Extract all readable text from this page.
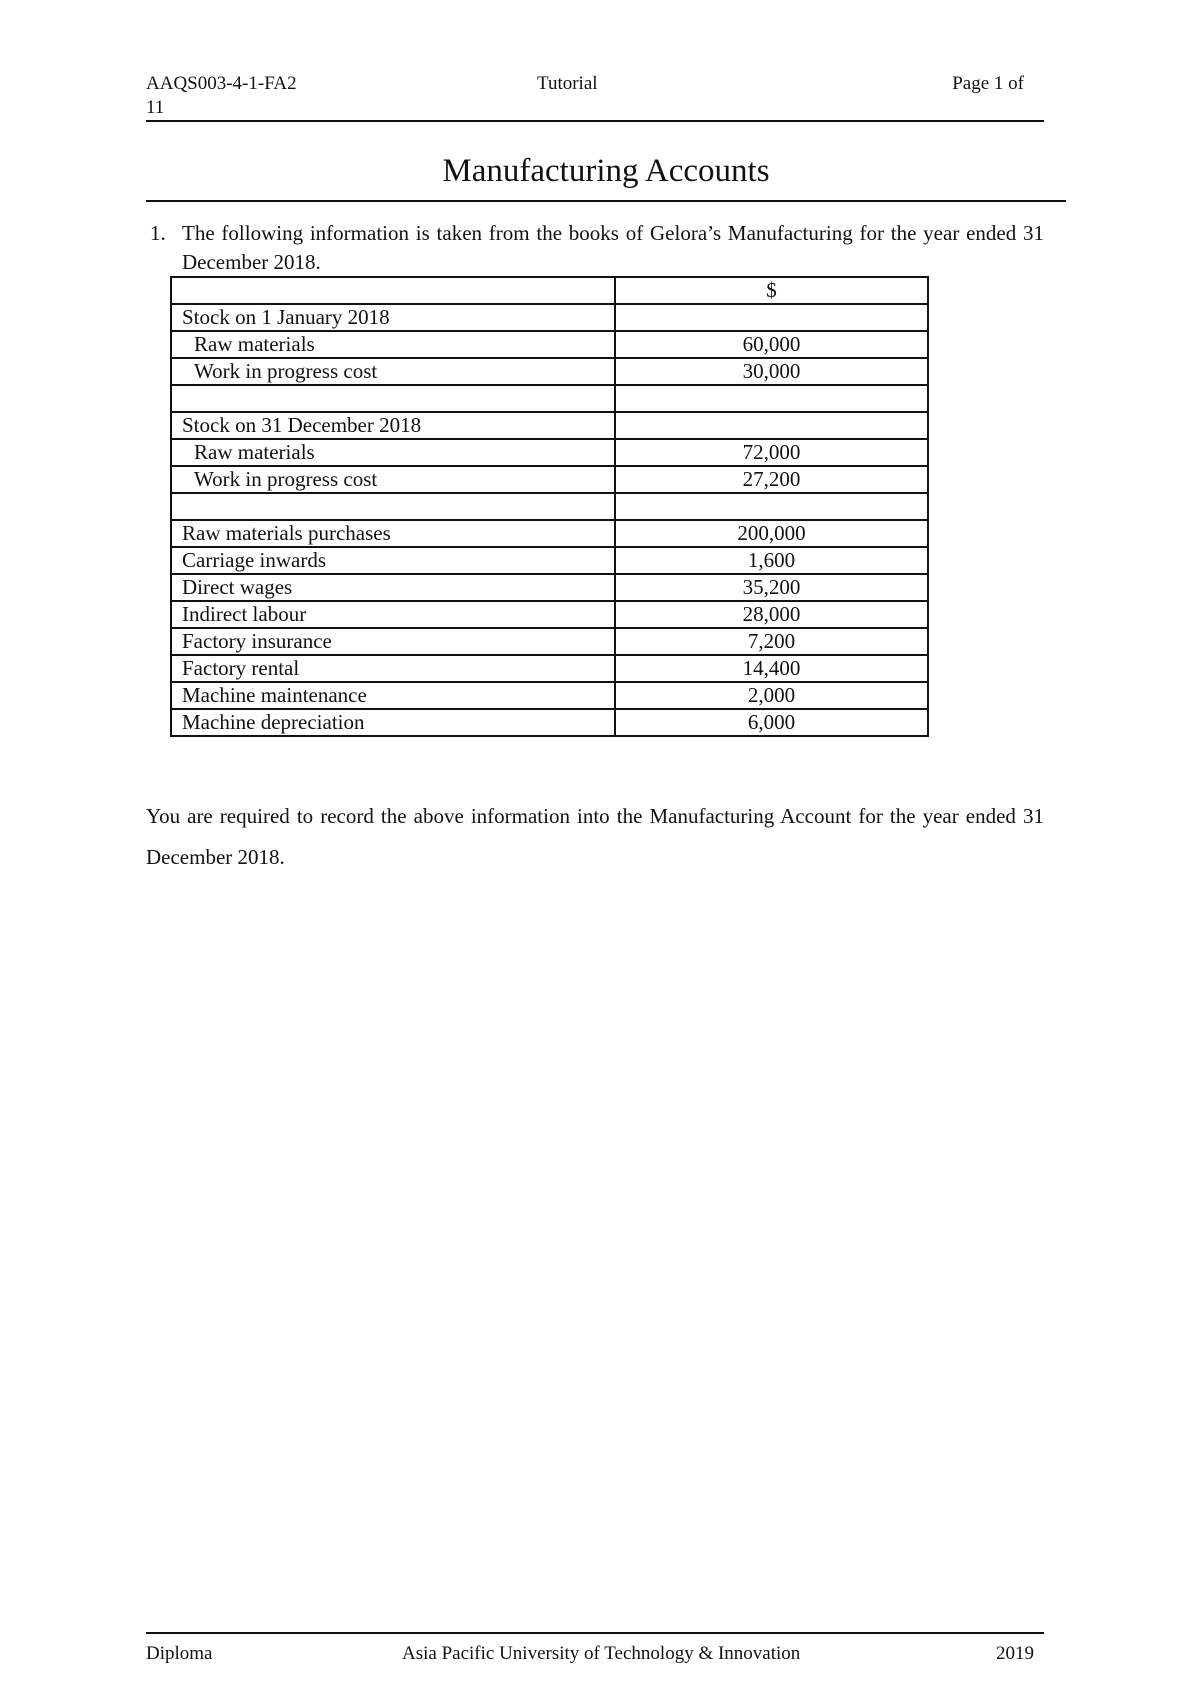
AAQS003-4-1-FA2	Tutorial	Page 1 of
11
Manufacturing Accounts
1. The following information is taken from the books of Gelora’s Manufacturing for the year ended 31 December 2018.
	$
Stock on 1 January 2018	
Raw materials	60,000
Work in progress cost	30,000

Stock on 31 December 2018	
Raw materials	72,000
Work in progress cost	27,200

Raw materials purchases	200,000
Carriage inwards	1,600
Direct wages	35,200
Indirect labour	28,000
Factory insurance	7,200
Factory rental	14,400
Machine maintenance	2,000
Machine depreciation	6,000
You are required to record the above information into the Manufacturing Account for the year ended 31 December 2018.
Diploma	Asia Pacific University of Technology & Innovation	2019
